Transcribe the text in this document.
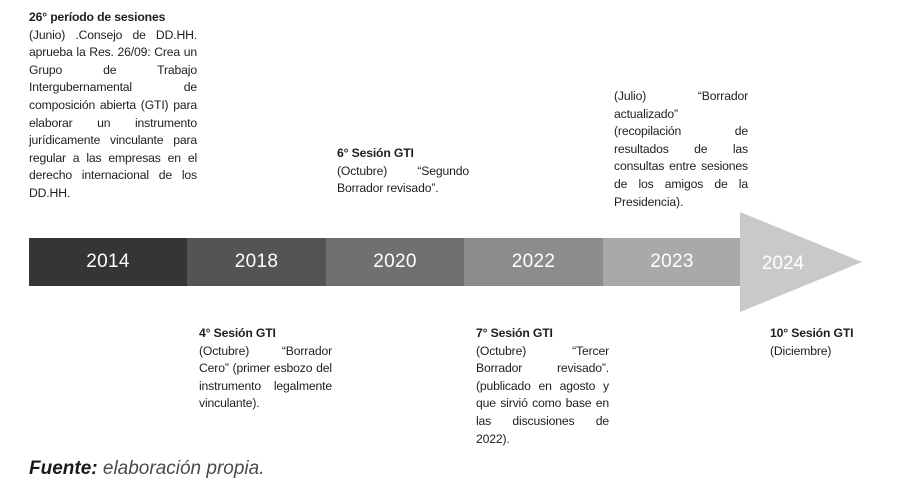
26° período de sesiones
(Junio) .Consejo de DD.HH. aprueba la Res. 26/09: Crea un Grupo de Trabajo Intergubernamental de composición abierta (GTI) para elaborar un instrumento jurídicamente vinculante para regular a las empresas en el derecho internacional de los DD.HH.
6° Sesión GTI
(Octubre) “Segundo Borrador revisado”.
(Julio) “Borrador actualizado” (recopilación de resultados de las consultas entre sesiones de los amigos de la Presidencia).
2014	2018	2020	2022	2023	2024
4° Sesión GTI
(Octubre) “Borrador Cero” (primer esbozo del instrumento legalmente vinculante).
7° Sesión GTI
(Octubre) “Tercer Borrador revisado”. (publicado en agosto y que sirvió como base en las discusiones de 2022).
10° Sesión GTI
(Diciembre)
Fuente: elaboración propia.
